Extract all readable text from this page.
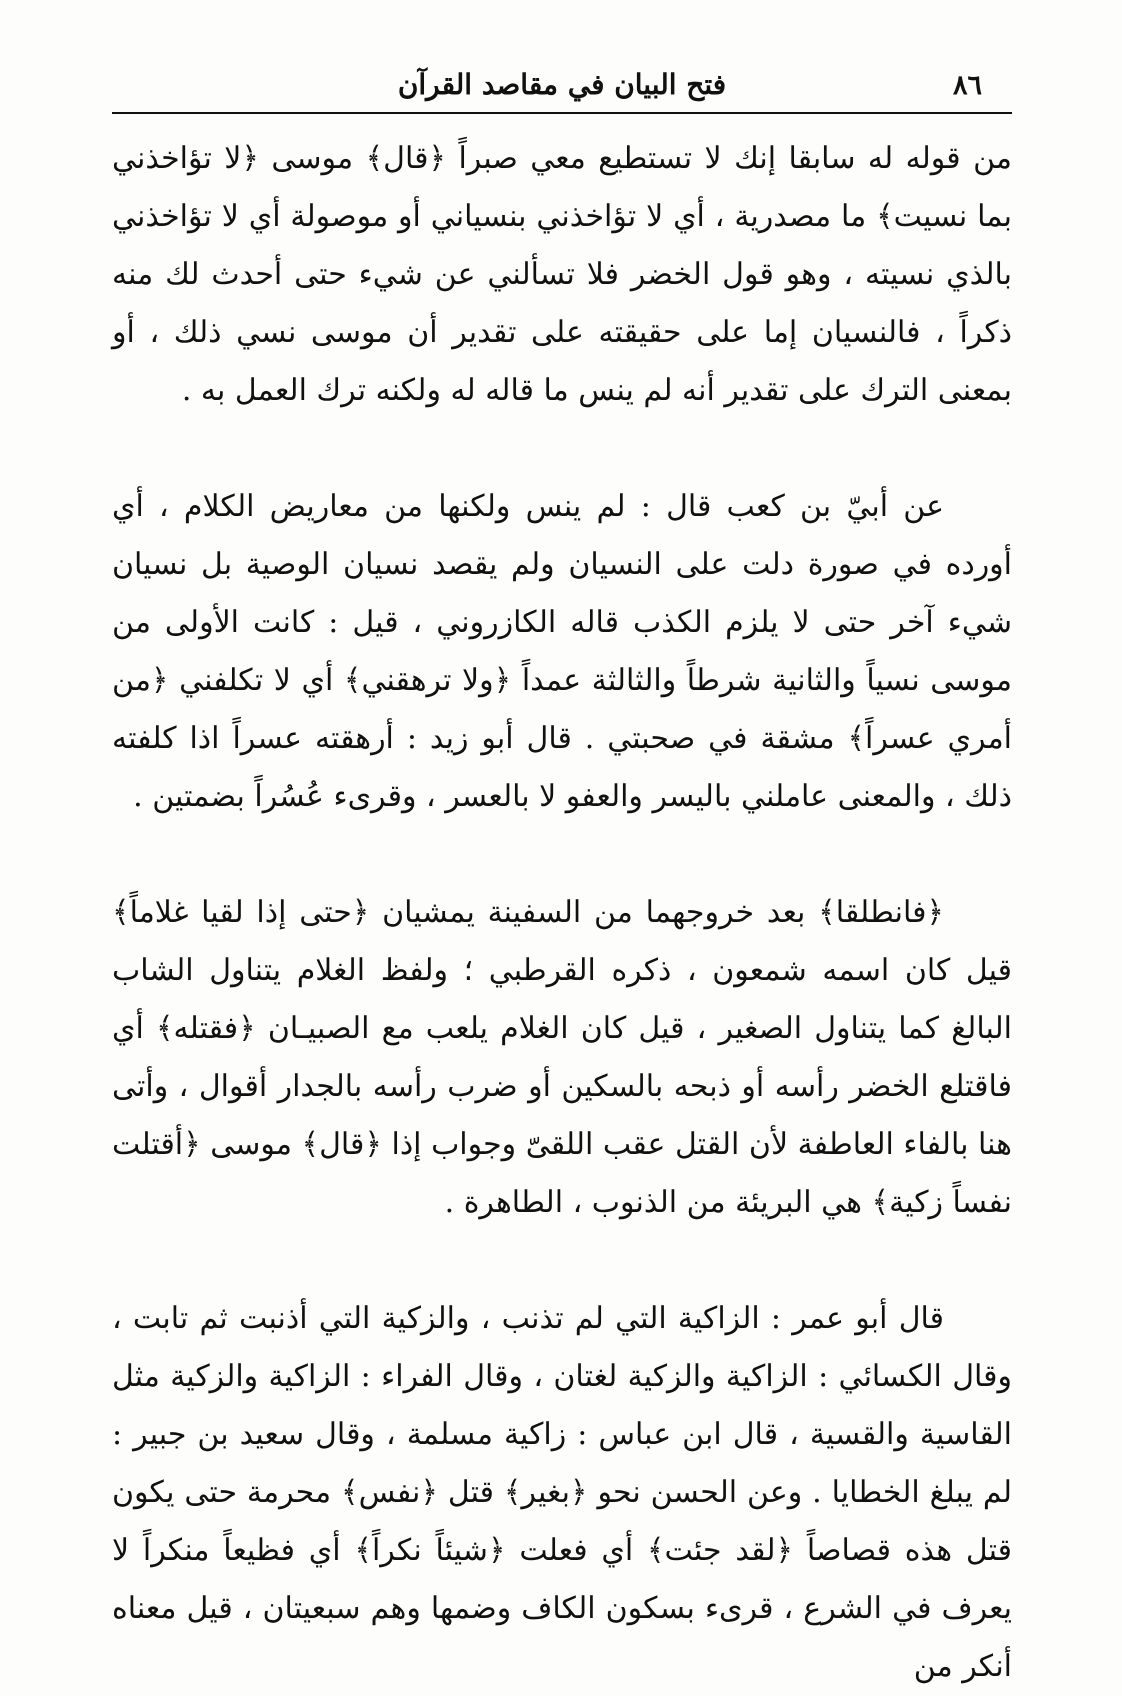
٨٦
فتح البيان في مقاصد القرآن

من قوله له سابقا إنك لا تستطيع معي صبراً ﴿قال﴾ موسى ﴿لا تؤاخذني بما نسيت﴾ ما مصدرية ، أي لا تؤاخذني بنسياني أو موصولة أي لا تؤاخذني بالذي نسيته ، وهو قول الخضر فلا تسألني عن شيء حتى أحدث لك منه ذكراً ، فالنسيان إما على حقيقته على تقدير أن موسى نسي ذلك ، أو بمعنى الترك على تقدير أنه لم ينس ما قاله له ولكنه ترك العمل به .

عن أبيّ بن كعب قال : لم ينس ولكنها من معاريض الكلام ، أي أورده في صورة دلت على النسيان ولم يقصد نسيان الوصية بل نسيان شيء آخر حتى لا يلزم الكذب قاله الكازروني ، قيل : كانت الأولى من موسى نسياً والثانية شرطاً والثالثة عمداً ﴿ولا ترهقني﴾ أي لا تكلفني ﴿من أمري عسراً﴾ مشقة في صحبتي . قال أبو زيد : أرهقته عسراً اذا كلفته ذلك ، والمعنى عاملني باليسر والعفو لا بالعسر ، وقرىء عُسُراً بضمتين .

﴿فانطلقا﴾ بعد خروجهما من السفينة يمشيان ﴿حتى إذا لقيا غلاماً﴾ قيل كان اسمه شمعون ، ذكره القرطبي ؛ ولفظ الغلام يتناول الشاب البالغ كما يتناول الصغير ، قيل كان الغلام يلعب مع الصبيـان ﴿فقتله﴾ أي فاقتلع الخضر رأسه أو ذبحه بالسكين أو ضرب رأسه بالجدار أقوال ، وأتى هنا بالفاء العاطفة لأن القتل عقب اللقىّ وجواب إذا ﴿قال﴾ موسى ﴿أقتلت نفساً زكية﴾ هي البريئة من الذنوب ، الطاهرة .

قال أبو عمر : الزاكية التي لم تذنب ، والزكية التي أذنبت ثم تابت ، وقال الكسائي : الزاكية والزكية لغتان ، وقال الفراء : الزاكية والزكية مثل القاسية والقسية ، قال ابن عباس : زاكية مسلمة ، وقال سعيد بن جبير : لم يبلغ الخطايا . وعن الحسن نحو ﴿بغير﴾ قتل ﴿نفس﴾ محرمة حتى يكون قتل هذه قصاصاً ﴿لقد جئت﴾ أي فعلت ﴿شيئاً نكراً﴾ أي فظيعاً منكراً لا يعرف في الشرع ، قرىء بسكون الكاف وضمها وهم سبعيتان ، قيل معناه أنكر من
